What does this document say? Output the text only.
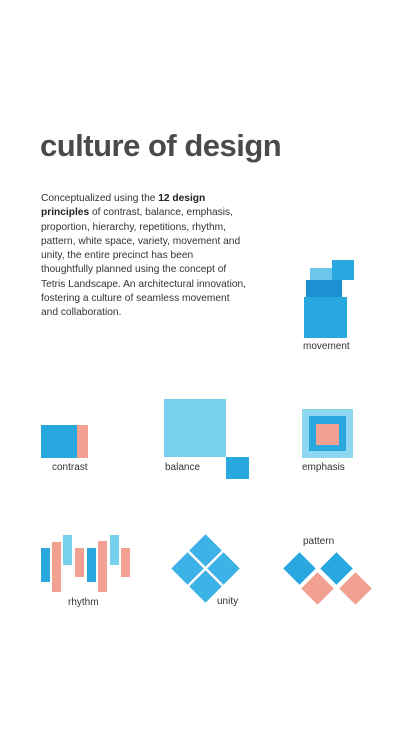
culture of design

Conceptualized using the 12 design principles of contrast, balance, emphasis, proportion, hierarchy, repetitions, rhythm, pattern, white space, variety, movement and unity, the entire precinct has been thoughtfully planned using the concept of Tetris Landscape. An architectural innovation, fostering a culture of seamless movement and collaboration.

movement
contrast	balance	emphasis
rhythm	unity
pattern
